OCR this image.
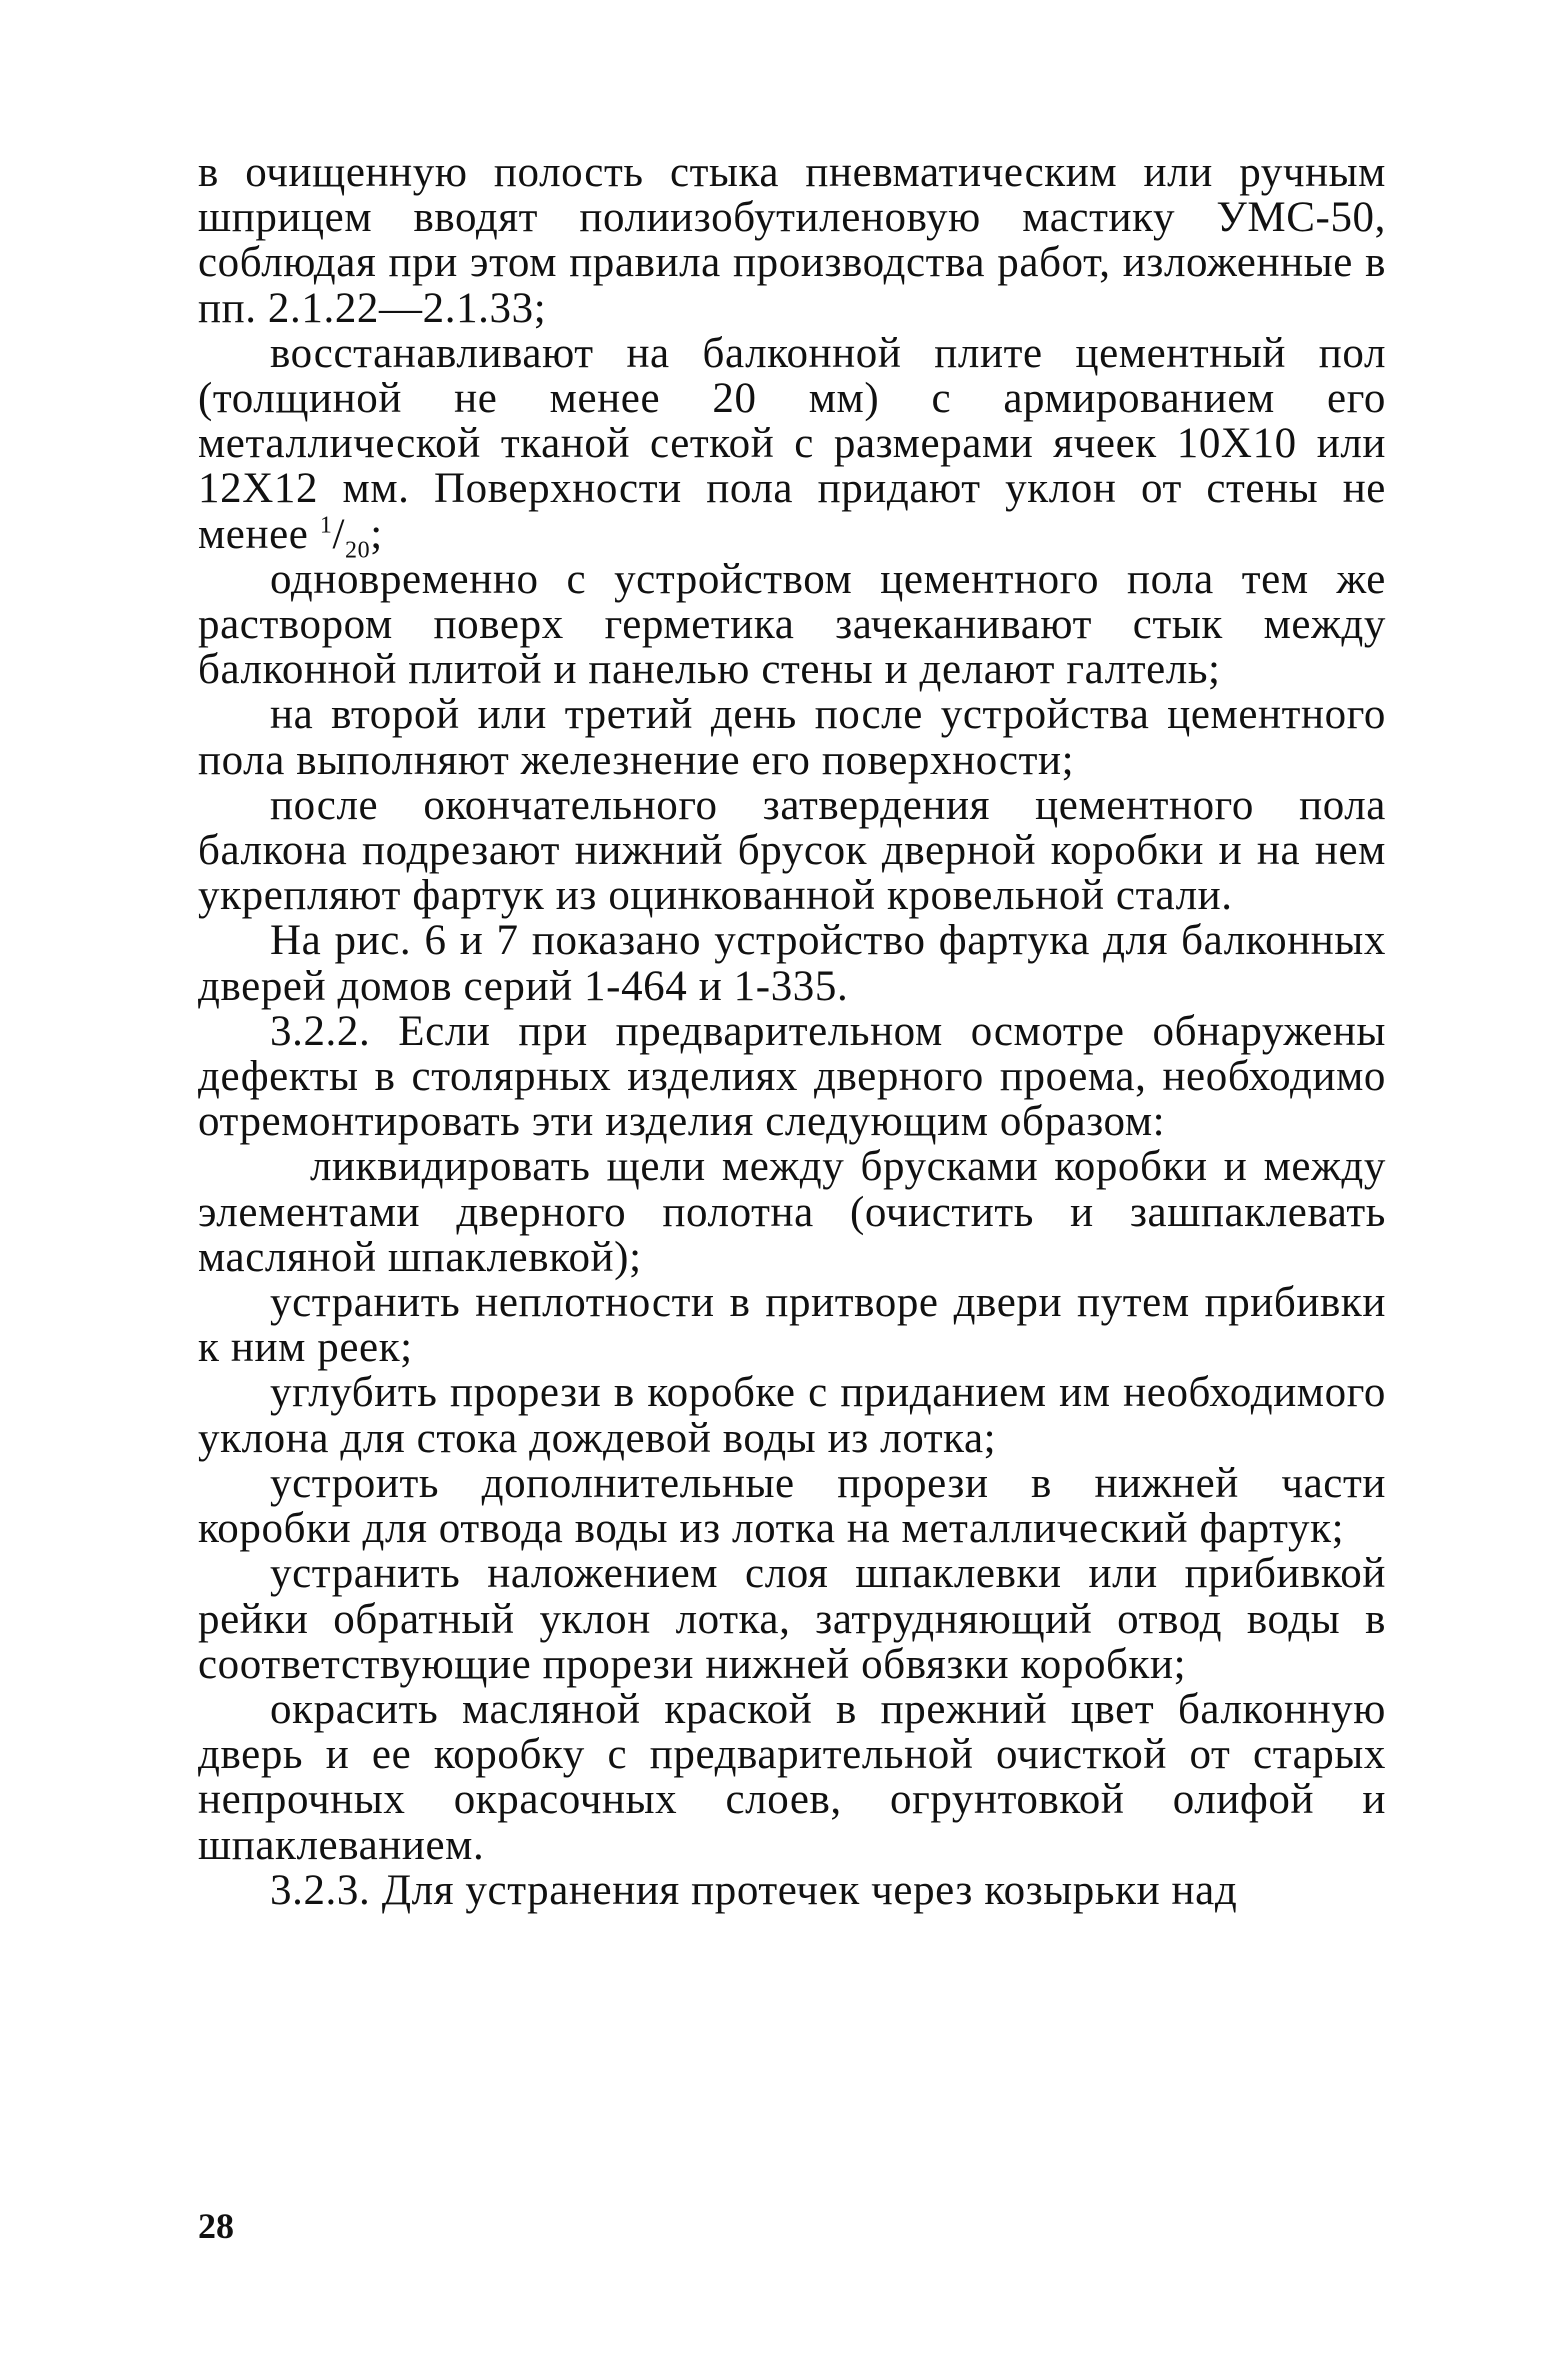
в очищенную полость стыка пневматическим или ручным шприцем вводят полиизобутиленовую мастику УМС-50, соблюдая при этом правила производства работ, изложенные в пп. 2.1.22—2.1.33;

восстанавливают на балконной плите цементный пол (толщиной не менее 20 мм) с армированием его металлической тканой сеткой с размерами ячеек 10Х10 или 12Х12 мм. Поверхности пола придают уклон от стены не менее $^1/_{20}$;

одновременно с устройством цементного пола тем же раствором поверх герметика зачеканивают стык между балконной плитой и панелью стены и делают галтель;

на второй или третий день после устройства цементного пола выполняют железнение его поверхности;

после окончательного затвердения цементного пола балкона подрезают нижний брусок дверной коробки и на нем укрепляют фартук из оцинкованной кровельной стали.

На рис. 6 и 7 показано устройство фартука для балконных дверей домов серий 1-464 и 1-335.

3.2.2. Если при предварительном осмотре обнаружены дефекты в столярных изделиях дверного проема, необходимо отремонтировать эти изделия следующим образом:

ликвидировать щели между брусками коробки и между элементами дверного полотна (очистить и зашпаклевать масляной шпаклевкой);

устранить неплотности в притворе двери путем прибивки к ним реек;

углубить прорези в коробке с приданием им необходимого уклона для стока дождевой воды из лотка;

устроить дополнительные прорези в нижней части коробки для отвода воды из лотка на металлический фартук;

устранить наложением слоя шпаклевки или прибивкой рейки обратный уклон лотка, затрудняющий отвод воды в соответствующие прорези нижней обвязки коробки;

окрасить масляной краской в прежний цвет балконную дверь и ее коробку с предварительной очисткой от старых непрочных окрасочных слоев, огрунтовкой олифой и шпаклеванием.

3.2.3. Для устранения протечек через козырьки над

28
